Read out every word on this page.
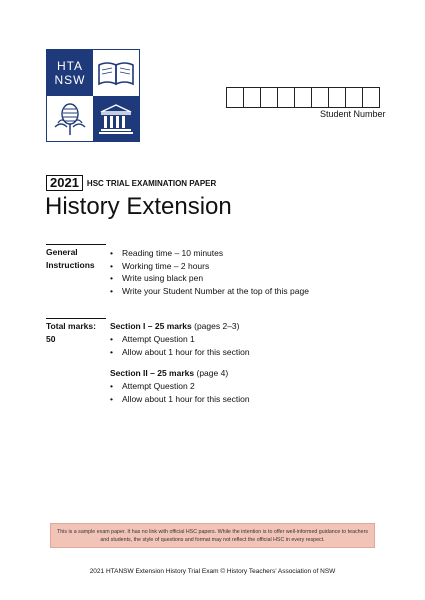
HTA
NSW
Student Number
2021	HSC TRIAL EXAMINATION PAPER
History Extension
General
Instructions
• Reading time – 10 minutes
• Working time – 2 hours
• Write using black pen
• Write your Student Number at the top of this page
Total marks:
50
Section I – 25 marks (pages 2–3)
• Attempt Question 1
• Allow about 1 hour for this section
Section II – 25 marks (page 4)
• Attempt Question 2
• Allow about 1 hour for this section
This is a sample exam paper. It has no link with official HSC papers. While the intention is to offer well-informed guidance to teachers and students, the style of questions and format may not reflect the official HSC in every respect.
2021 HTANSW Extension History Trial Exam © History Teachers’ Association of NSW
